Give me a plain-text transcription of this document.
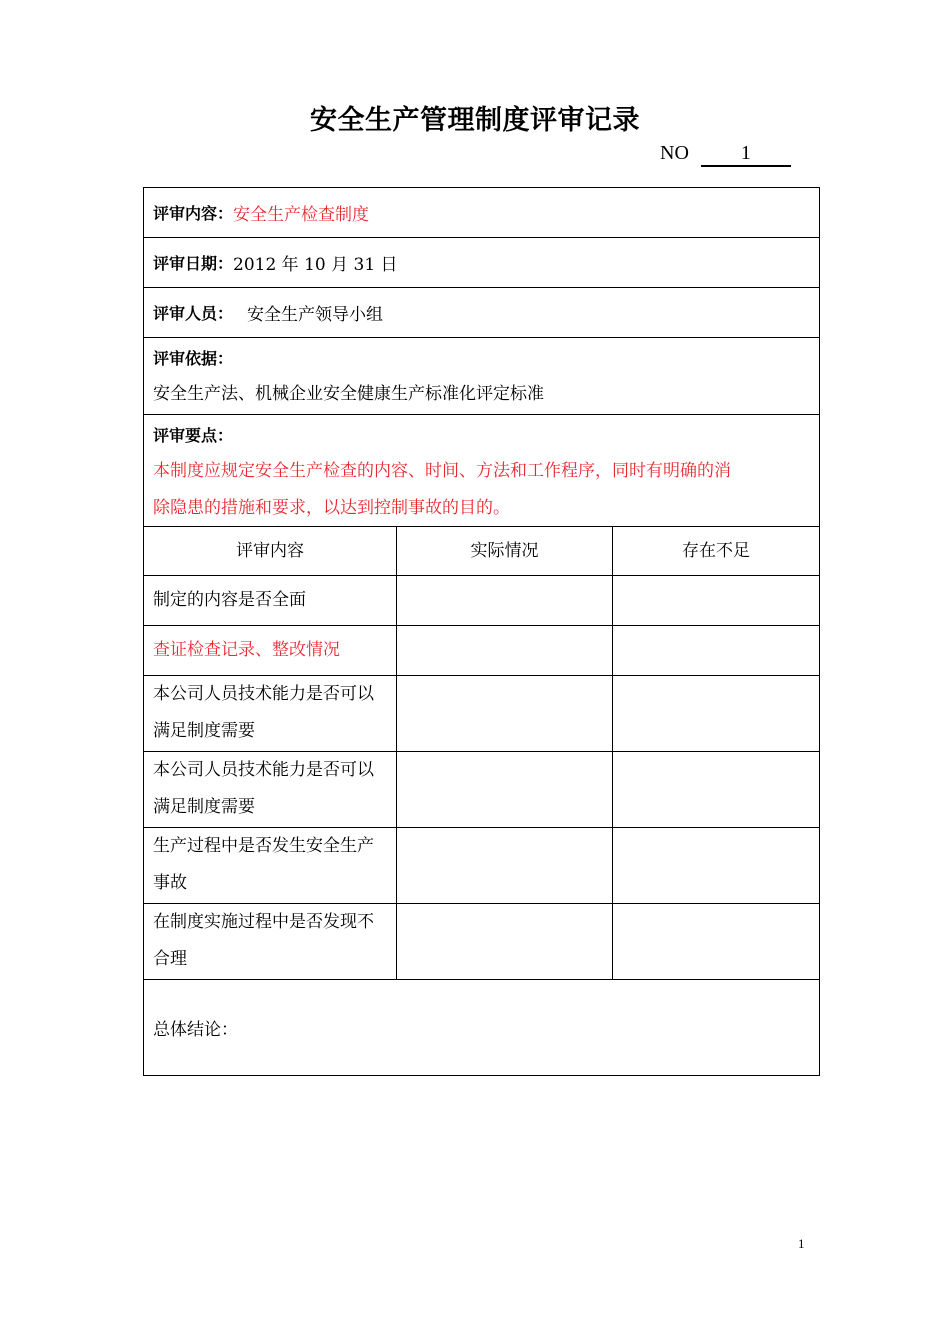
安全生产管理制度评审记录
NO	1
评审内容： 安全生产检查制度
评审日期： 2012 年 10 月 31 日
评审人员： 安全生产领导小组
评审依据：
安全生产法、机械企业安全健康生产标准化评定标准
评审要点：
本制度应规定安全生产检查的内容、时间、方法和工作程序，同时有明确的消
除隐患的措施和要求，以达到控制事故的目的。
评审内容	实际情况	存在不足
制定的内容是否全面
查证检查记录、整改情况
本公司人员技术能力是否可以满足制度需要
本公司人员技术能力是否可以满足制度需要
生产过程中是否发生安全生产事故
在制度实施过程中是否发现不合理
总体结论：
1
